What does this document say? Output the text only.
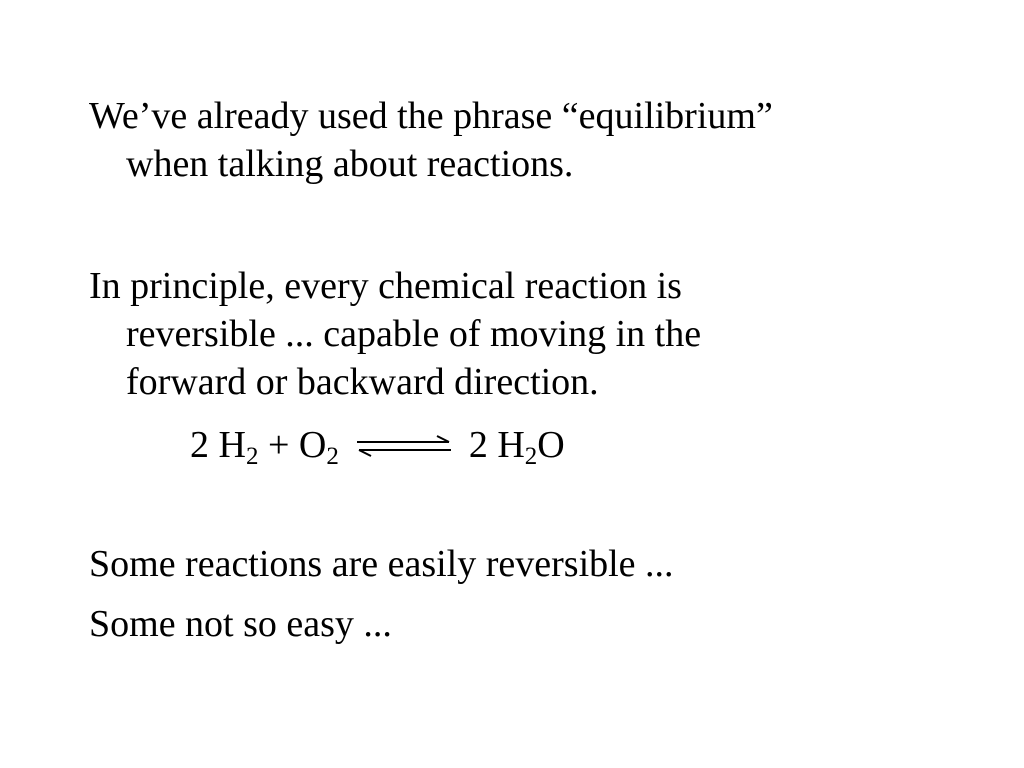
We’ve already used the phrase “equilibrium”
when talking about reactions.

In principle, every chemical reaction is
reversible ... capable of moving in the
forward or backward direction.

2 H2 + O2 ⇌ 2 H2O

Some reactions are easily reversible ...

Some not so easy ...
